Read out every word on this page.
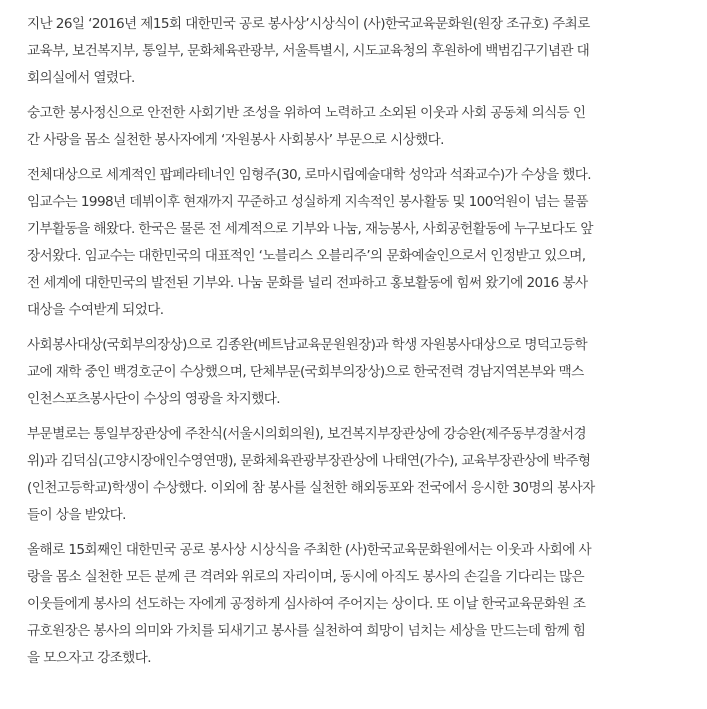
지난 26일 ‘2016년 제15회 대한민국 공로 봉사상’시상식이 (사)한국교육문화원(원장 조규호) 주최로
교육부, 보건복지부, 통일부, 문화체육관광부, 서울특별시, 시도교육청의 후원하에 백범김구기념관 대
회의실에서 열렸다.

숭고한 봉사정신으로 안전한 사회기반 조성을 위하여 노력하고 소외된 이웃과 사회 공동체 의식등 인
간 사랑을 몸소 실천한 봉사자에게 ‘자원봉사 사회봉사’ 부문으로 시상했다.

전체대상으로 세계적인 팝페라테너인 임형주(30, 로마시립예술대학 성악과 석좌교수)가 수상을 했다.
임교수는 1998년 데뷔이후 현재까지 꾸준하고 성실하게 지속적인 봉사활동 및 100억원이 넘는 물품
기부활동을 해왔다. 한국은 물론 전 세계적으로 기부와 나눔, 재능봉사, 사회공헌활동에 누구보다도 앞
장서왔다. 임교수는 대한민국의 대표적인 ‘노블리스 오블리주’의 문화예술인으로서 인정받고 있으며,
전 세계에 대한민국의 발전된 기부와. 나눔 문화를 널리 전파하고 홍보활동에 힘써 왔기에 2016 봉사
대상을 수여받게 되었다.

사회봉사대상(국회부의장상)으로 김종완(베트남교육문원원장)과 학생 자원봉사대상으로 명덕고등학
교에 재학 중인 백경호군이 수상했으며, 단체부문(국회부의장상)으로 한국전력 경남지역본부와 맥스
인천스포츠봉사단이 수상의 영광을 차지했다.

부문별로는 통일부장관상에 주찬식(서울시의회의원), 보건복지부장관상에 강승완(제주동부경찰서경
위)과 김덕심(고양시장애인수영연맹), 문화체육관광부장관상에 나태연(가수), 교육부장관상에 박주형
(인천고등학교)학생이 수상했다. 이외에 참 봉사를 실천한 해외동포와 전국에서 응시한 30명의 봉사자
들이 상을 받았다.

올해로 15회째인 대한민국 공로 봉사상 시상식을 주최한 (사)한국교육문화원에서는 이웃과 사회에 사
랑을 몸소 실천한 모든 분께 큰 격려와 위로의 자리이며, 동시에 아직도 봉사의 손길을 기다리는 많은
이웃들에게 봉사의 선도하는 자에게 공정하게 심사하여 주어지는 상이다. 또 이날 한국교육문화원 조
규호원장은 봉사의 의미와 가치를 되새기고 봉사를 실천하여 희망이 넘치는 세상을 만드는데 함께 힘
을 모으자고 강조했다.
